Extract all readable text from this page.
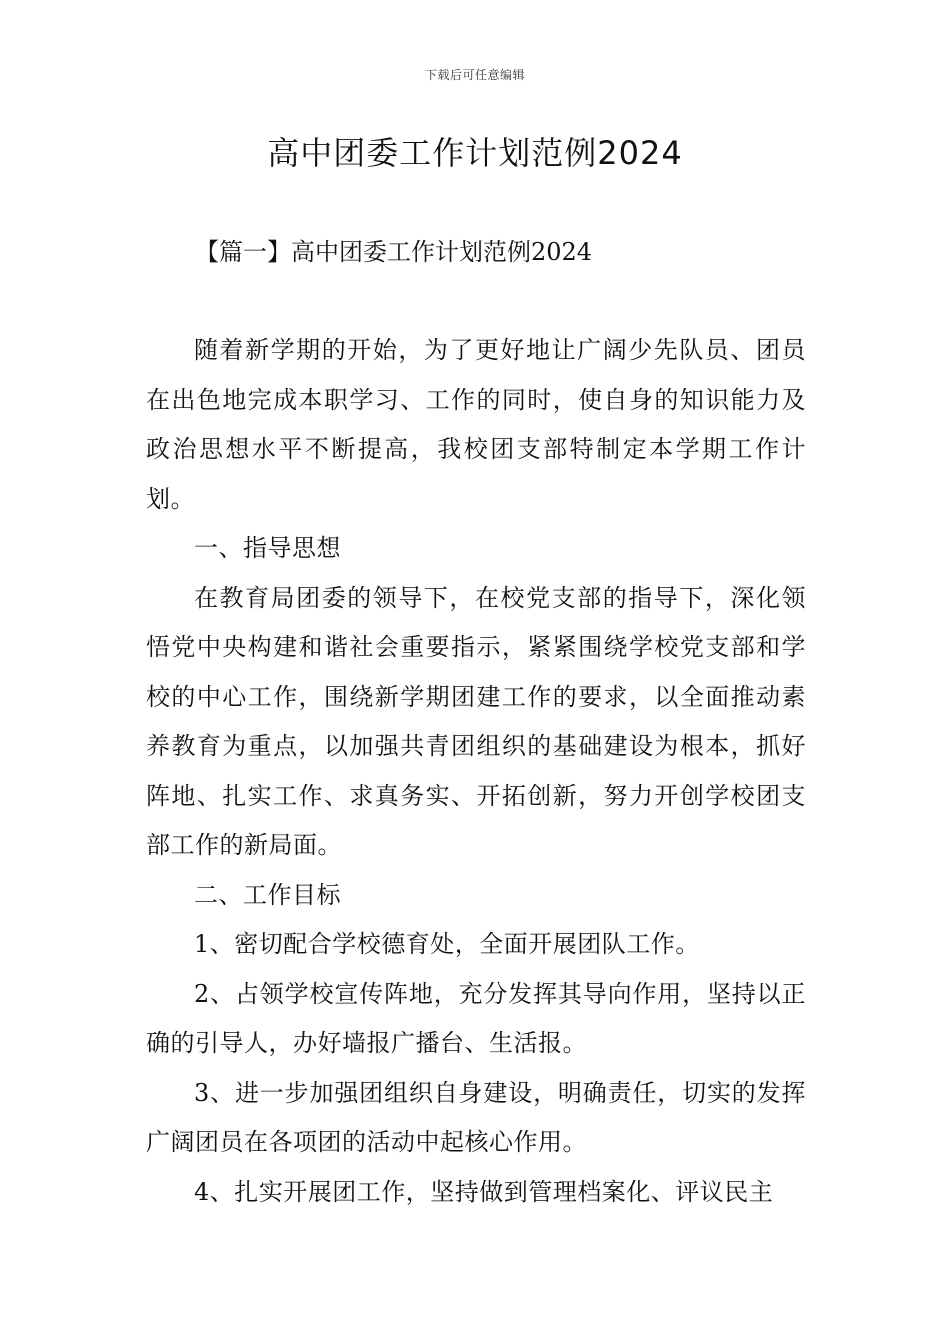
下载后可任意编辑
高中团委工作计划范例2024
【篇一】高中团委工作计划范例2024

随着新学期的开始，为了更好地让广阔少先队员、团员在出色地完成本职学习、工作的同时，使自身的知识能力及政治思想水平不断提高，我校团支部特制定本学期工作计划。

一、指导思想

在教育局团委的领导下，在校党支部的指导下，深化领悟党中央构建和谐社会重要指示，紧紧围绕学校党支部和学校的中心工作，围绕新学期团建工作的要求，以全面推动素养教育为重点，以加强共青团组织的基础建设为根本，抓好阵地、扎实工作、求真务实、开拓创新，努力开创学校团支部工作的新局面。

二、工作目标

1、密切配合学校德育处，全面开展团队工作。

2、占领学校宣传阵地，充分发挥其导向作用，坚持以正确的引导人，办好墙报广播台、生活报。

3、进一步加强团组织自身建设，明确责任，切实的发挥广阔团员在各项团的活动中起核心作用。

4、扎实开展团工作，坚持做到管理档案化、评议民主
